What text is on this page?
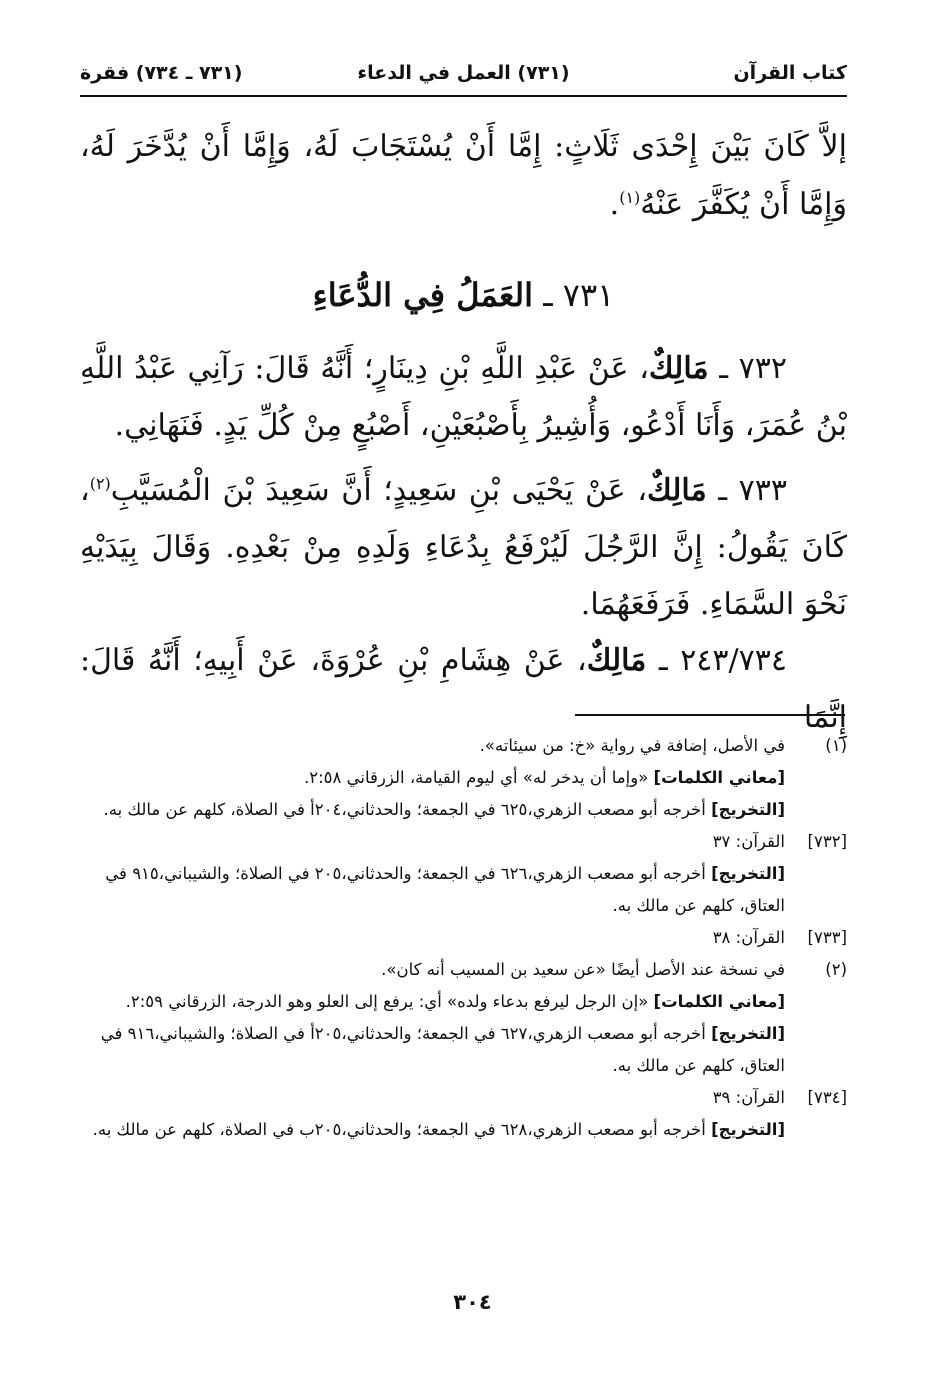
كتاب القرآن
(٧٣١) العمل في الدعاء
(٧٣١ ـ ٧٣٤) فقرة

إلاَّ كَانَ بَيْنَ إِحْدَى ثَلَاثٍ: إِمَّا أَنْ يُسْتَجَابَ لَهُ، وَإِمَّا أَنْ يُدَّخَرَ لَهُ، وَإِمَّا أَنْ يُكَفَّرَ عَنْهُ$^{(١)}$.

٧٣١ ـ العَمَلُ فِي الدُّعَاءِ
٧٣٢ ـ مَالِكٌ، عَنْ عَبْدِ اللَّهِ بْنِ دِينَارٍ؛ أَنَّهُ قَالَ: رَآنِي عَبْدُ اللَّهِ بْنُ عُمَرَ، وَأَنَا أَدْعُو، وَأُشِيرُ بِأَصْبُعَيْنِ، أَصْبُعٍ مِنْ كُلِّ يَدٍ. فَنَهَانِي.
٧٣٣ ـ مَالِكٌ، عَنْ يَحْيَى بْنِ سَعِيدٍ؛ أَنَّ سَعِيدَ بْنَ الْمُسَيَّبِ$^{(٢)}$، كَانَ يَقُولُ: إِنَّ الرَّجُلَ لَيُرْفَعُ بِدُعَاءِ وَلَدِهِ مِنْ بَعْدِهِ. وَقَالَ بِيَدَيْهِ نَحْوَ السَّمَاءِ. فَرَفَعَهُمَا.
٢٤٣/٧٣٤ ـ مَالِكٌ، عَنْ هِشَامِ بْنِ عُرْوَةَ، عَنْ أَبِيهِ؛ أَنَّهُ قَالَ: إِنَّمَا
(١)
في الأصل، إضافة في رواية «خ: من سيئاته».
[معاني الكلمات] «وإما أن يدخر له» أي ليوم القيامة، الزرقاني ٢:٥٨.
[التخريج] أخرجه أبو مصعب الزهري،٦٢٥ في الجمعة؛ والحدثاني،٢٠٤أ في الصلاة، كلهم عن مالك به.
[٧٣٢]
القرآن: ٣٧
[التخريج] أخرجه أبو مصعب الزهري،٦٢٦ في الجمعة؛ والحدثاني،٢٠٥ في الصلاة؛ والشيباني،٩١٥ في العتاق، كلهم عن مالك به.
[٧٣٣]
القرآن: ٣٨
(٢)
في نسخة عند الأصل أيضًا «عن سعيد بن المسيب أنه كان».
[معاني الكلمات] «إن الرجل ليرفع بدعاء ولده» أي: يرفع إلى العلو وهو الدرجة، الزرقاني ٢:٥٩.
[التخريج] أخرجه أبو مصعب الزهري،٦٢٧ في الجمعة؛ والحدثاني،٢٠٥أ في الصلاة؛ والشيباني،٩١٦ في العتاق، كلهم عن مالك به.
[٧٣٤]
القرآن: ٣٩
[التخريج] أخرجه أبو مصعب الزهري،٦٢٨ في الجمعة؛ والحدثاني،٢٠٥ب في الصلاة، كلهم عن مالك به.
٣٠٤
